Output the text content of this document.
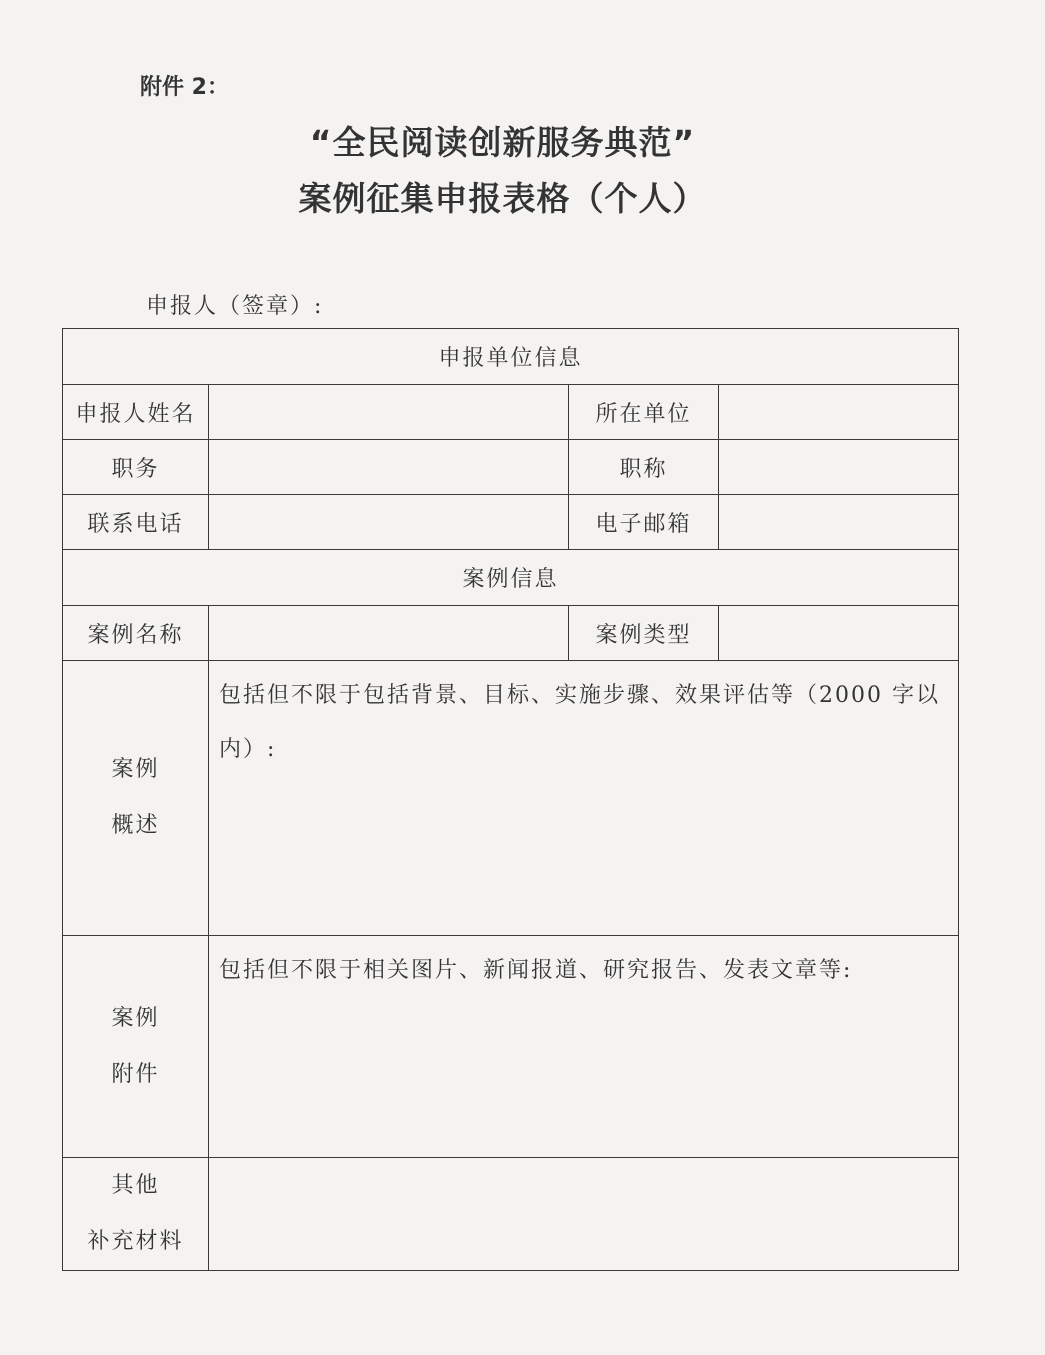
附件 2：
“全民阅读创新服务典范”
案例征集申报表格（个人）
申报人（签章）:
申报单位信息			
申报人姓名		所在单位	
职务		职称	
联系电话		电子邮箱	
案例信息			
案例名称		案例类型	

案例
概述	包括但不限于包括背景、目标、实施步骤、效果评估等（2000 字以内）:		

案例
附件	包括但不限于相关图片、新闻报道、研究报告、发表文章等:		

其他
补充材料			
